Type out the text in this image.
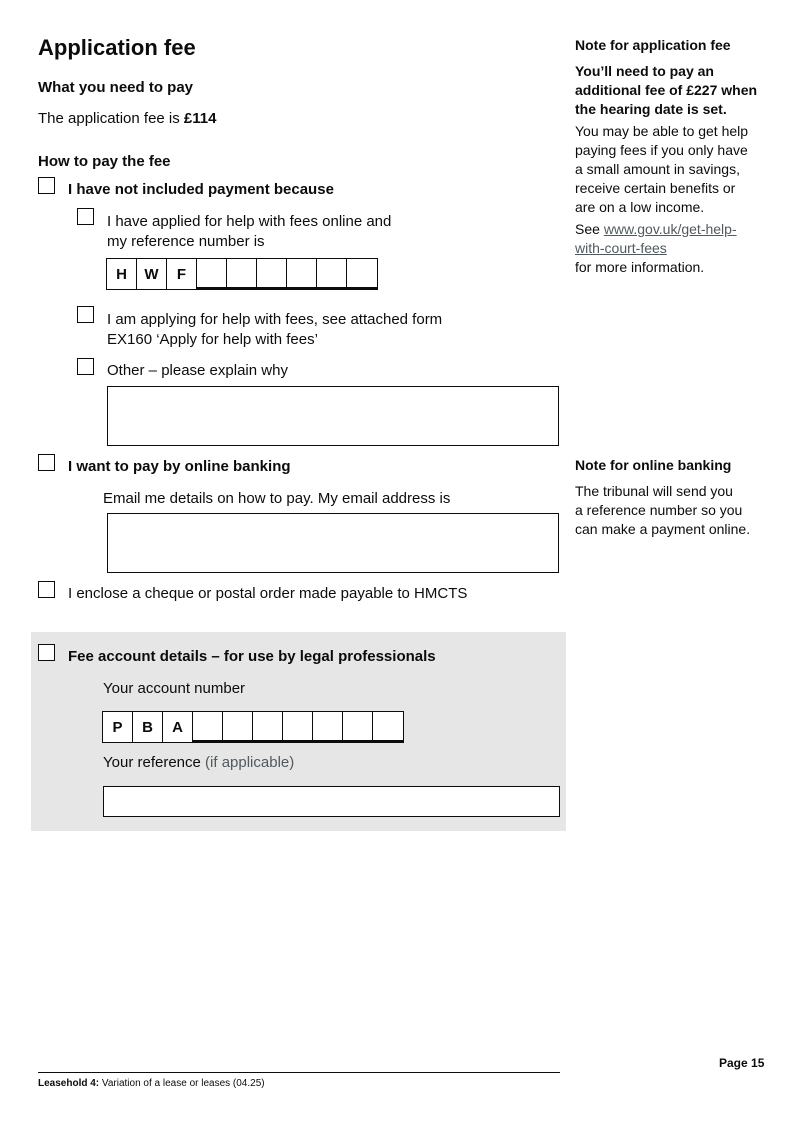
Application fee
What you need to pay
The application fee is £114
How to pay the fee
I have not included payment because
I have applied for help with fees online and
my reference number is
H	W	F
I am applying for help with fees, see attached form
EX160 ‘Apply for help with fees’
Other – please explain why
I want to pay by online banking
Email me details on how to pay. My email address is
I enclose a cheque or postal order made payable to HMCTS
Fee account details – for use by legal professionals
Your account number
P	B	A
Your reference (if applicable)
Note for application fee
You’ll need to pay an
additional fee of £227 when
the hearing date is set.
You may be able to get help
paying fees if you only have
a small amount in savings,
receive certain benefits or
are on a low income.
See www.gov.uk/get-help-
with-court-fees
for more information.
Note for online banking
The tribunal will send you
a reference number so you
can make a payment online.
Page 15
Leasehold 4: Variation of a lease or leases (04.25)
